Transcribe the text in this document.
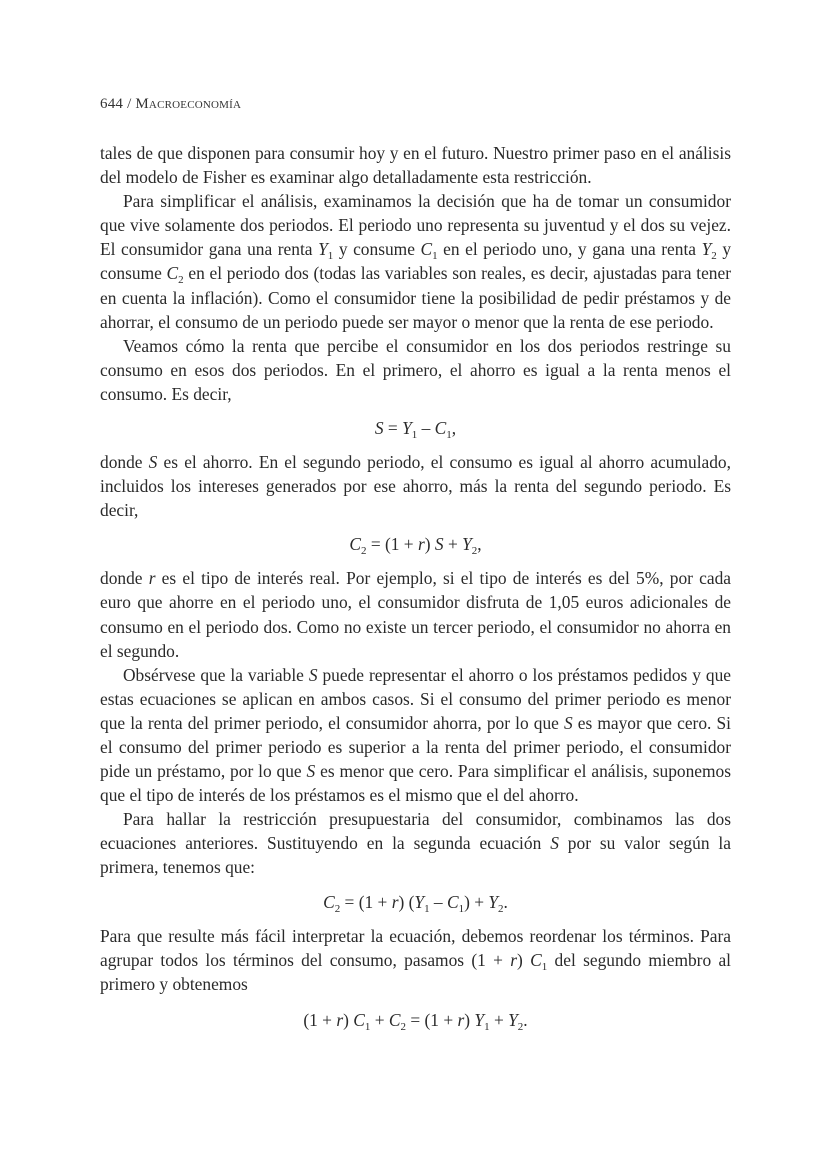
644 / Macroeconomía

tales de que disponen para consumir hoy y en el futuro. Nuestro primer paso en el análisis del modelo de Fisher es examinar algo detalladamente esta restricción.

Para simplificar el análisis, examinamos la decisión que ha de tomar un consumidor que vive solamente dos periodos. El periodo uno representa su juventud y el dos su vejez. El consumidor gana una renta $Y_1$ y consume $C_1$ en el periodo uno, y gana una renta $Y_2$ y consume $C_2$ en el periodo dos (todas las variables son reales, es decir, ajustadas para tener en cuenta la inflación). Como el consumidor tiene la posibilidad de pedir préstamos y de ahorrar, el consumo de un periodo puede ser mayor o menor que la renta de ese periodo.

Veamos cómo la renta que percibe el consumidor en los dos periodos restringe su consumo en esos dos periodos. En el primero, el ahorro es igual a la renta menos el consumo. Es decir,

$S = Y_1 - C_1$,

donde S es el ahorro. En el segundo periodo, el consumo es igual al ahorro acumulado, incluidos los intereses generados por ese ahorro, más la renta del segundo periodo. Es decir,

$C_2 = (1 + r) S + Y_2$,

donde r es el tipo de interés real. Por ejemplo, si el tipo de interés es del 5%, por cada euro que ahorre en el periodo uno, el consumidor disfruta de 1,05 euros adicionales de consumo en el periodo dos. Como no existe un tercer periodo, el consumidor no ahorra en el segundo.

Obsérvese que la variable S puede representar el ahorro o los préstamos pedidos y que estas ecuaciones se aplican en ambos casos. Si el consumo del primer periodo es menor que la renta del primer periodo, el consumidor ahorra, por lo que S es mayor que cero. Si el consumo del primer periodo es superior a la renta del primer periodo, el consumidor pide un préstamo, por lo que S es menor que cero. Para simplificar el análisis, suponemos que el tipo de interés de los préstamos es el mismo que el del ahorro.

Para hallar la restricción presupuestaria del consumidor, combinamos las dos ecuaciones anteriores. Sustituyendo en la segunda ecuación S por su valor según la primera, tenemos que:

$C_2 = (1 + r)$ $(Y_1 - C_1) + Y_2$.

Para que resulte más fácil interpretar la ecuación, debemos reordenar los términos. Para agrupar todos los términos del consumo, pasamos (1 + r) $C_1$ del segundo miembro al primero y obtenemos

(1 + r) $C_1 + C_2 = (1 + r) Y_1 + Y_2$.
